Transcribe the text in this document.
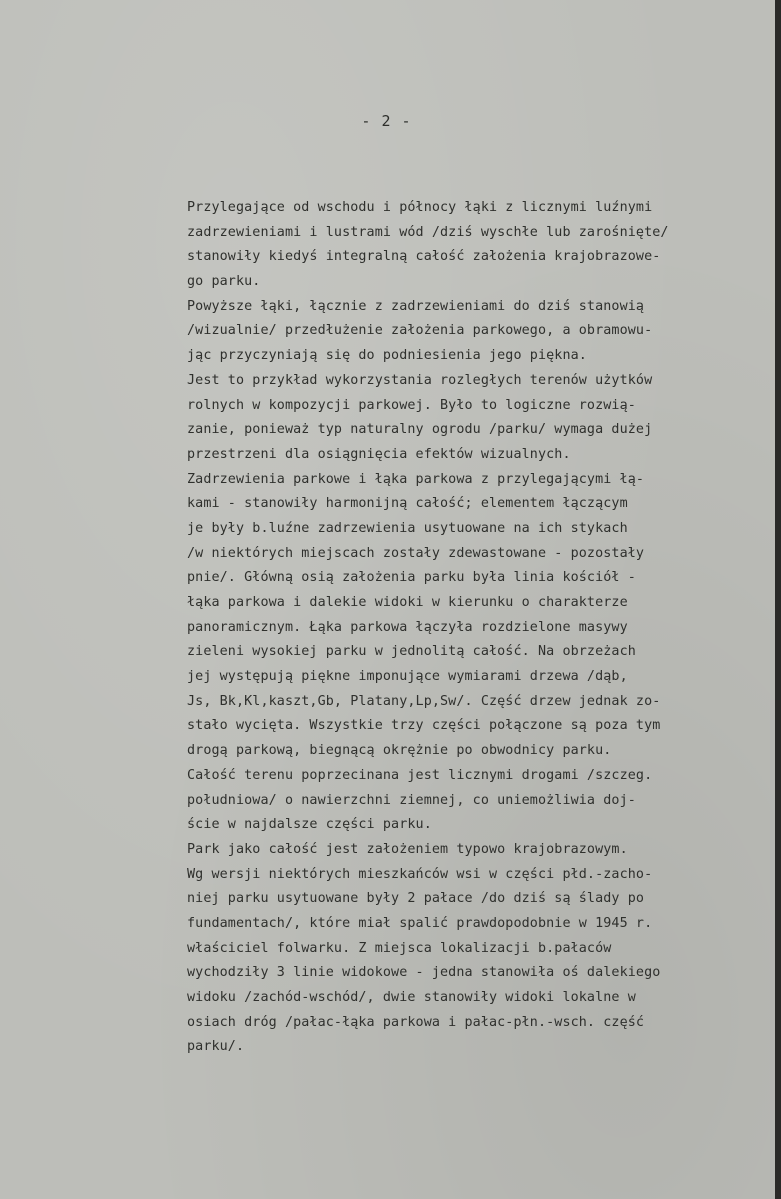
- 2 -
Przylegające od wschodu i północy łąki z licznymi luźnymi
zadrzewieniami i lustrami wód /dziś wyschłe lub zarośnięte/
stanowiły kiedyś integralną całość założenia krajobrazowe-
go parku.
Powyższe łąki, łącznie z zadrzewieniami do dziś stanowią
/wizualnie/ przedłużenie założenia parkowego, a obramowu-
jąc przyczyniają się do podniesienia jego piękna.
Jest to przykład wykorzystania rozległych terenów użytków
rolnych w kompozycji parkowej. Było to logiczne rozwią-
zanie, ponieważ typ naturalny ogrodu /parku/ wymaga dużej
przestrzeni dla osiągnięcia efektów wizualnych.
Zadrzewienia parkowe i łąka parkowa z przylegającymi łą-
kami - stanowiły harmonijną całość; elementem łączącym
je były b.luźne zadrzewienia usytuowane na ich stykach
/w niektórych miejscach zostały zdewastowane - pozostały
pnie/. Główną osią założenia parku była linia kościół -
łąka parkowa i dalekie widoki w kierunku o charakterze
panoramicznym. Łąka parkowa łączyła rozdzielone masywy
zieleni wysokiej parku w jednolitą całość. Na obrzeżach
jej występują piękne imponujące wymiarami drzewa /dąb,
Js, Bk,Kl,kaszt,Gb, Platany,Lp,Sw/. Część drzew jednak zo-
stało wycięta. Wszystkie trzy części połączone są poza tym
drogą parkową, biegnącą okrężnie po obwodnicy parku.
Całość terenu poprzecinana jest licznymi drogami /szczeg.
południowa/ o nawierzchni ziemnej, co uniemożliwia doj-
ście w najdalsze części parku.
Park jako całość jest założeniem typowo krajobrazowym.
Wg wersji niektórych mieszkańców wsi w części płd.-zacho-
niej parku usytuowane były 2 pałace /do dziś są ślady po
fundamentach/, które miał spalić prawdopodobnie w 1945 r.
właściciel folwarku. Z miejsca lokalizacji b.pałaców
wychodziły 3 linie widokowe - jedna stanowiła oś dalekiego
widoku /zachód-wschód/, dwie stanowiły widoki lokalne w
osiach dróg /pałac-łąka parkowa i pałac-płn.-wsch. część
parku/.
